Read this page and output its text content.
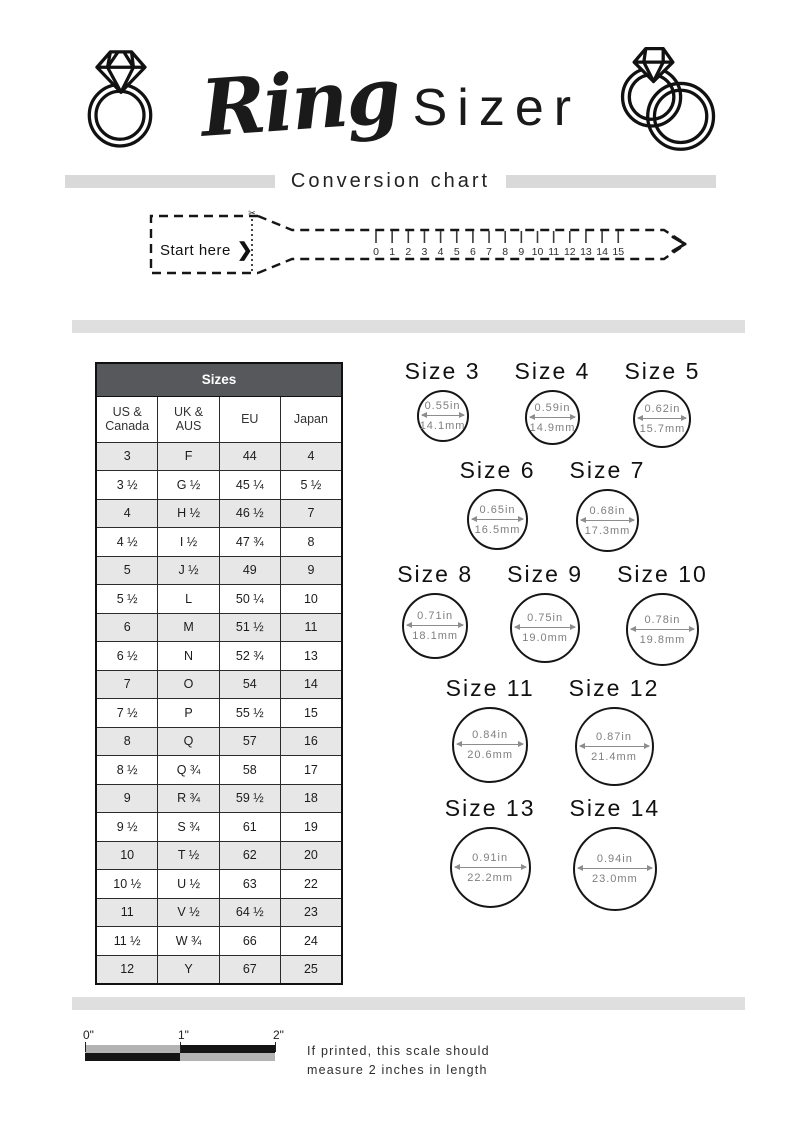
Ring Sizer
Conversion chart
✂
0 1 2 3 4 5 6 7 8 9 10 11 12 13 14 15
Start here ❯
Sizes			
US & Canada	UK & AUS	EU	Japan
3	F	44	4
3 ½	G ½	45 ¼	5 ½
4	H ½	46 ½	7
4 ½	I ½	47 ¾	8
5	J ½	49	9
5 ½	L	50 ¼	10
6	M	51 ½	11
6 ½	N	52 ¾	13
7	O	54	14
7 ½	P	55 ½	15
8	Q	57	16
8 ½	Q ¾	58	17
9	R ¾	59 ½	18
9 ½	S ¾	61	19
10	T ½	62	20
10 ½	U ½	63	22
11	V ½	64 ½	23
11 ½	W ¾	66	24
12	Y	67	25
Size 3
0.55in
14.1mm
Size 4
0.59in
14.9mm
Size 5
0.62in
15.7mm
Size 6
0.65in
16.5mm
Size 7
0.68in
17.3mm
Size 8
0.71in
18.1mm
Size 9
0.75in
19.0mm
Size 10
0.78in
19.8mm
Size 11
0.84in
20.6mm
Size 12
0.87in
21.4mm
Size 13
0.91in
22.2mm
Size 14
0.94in
23.0mm
0"	1"	2"
If printed, this scale should
measure 2 inches in length
